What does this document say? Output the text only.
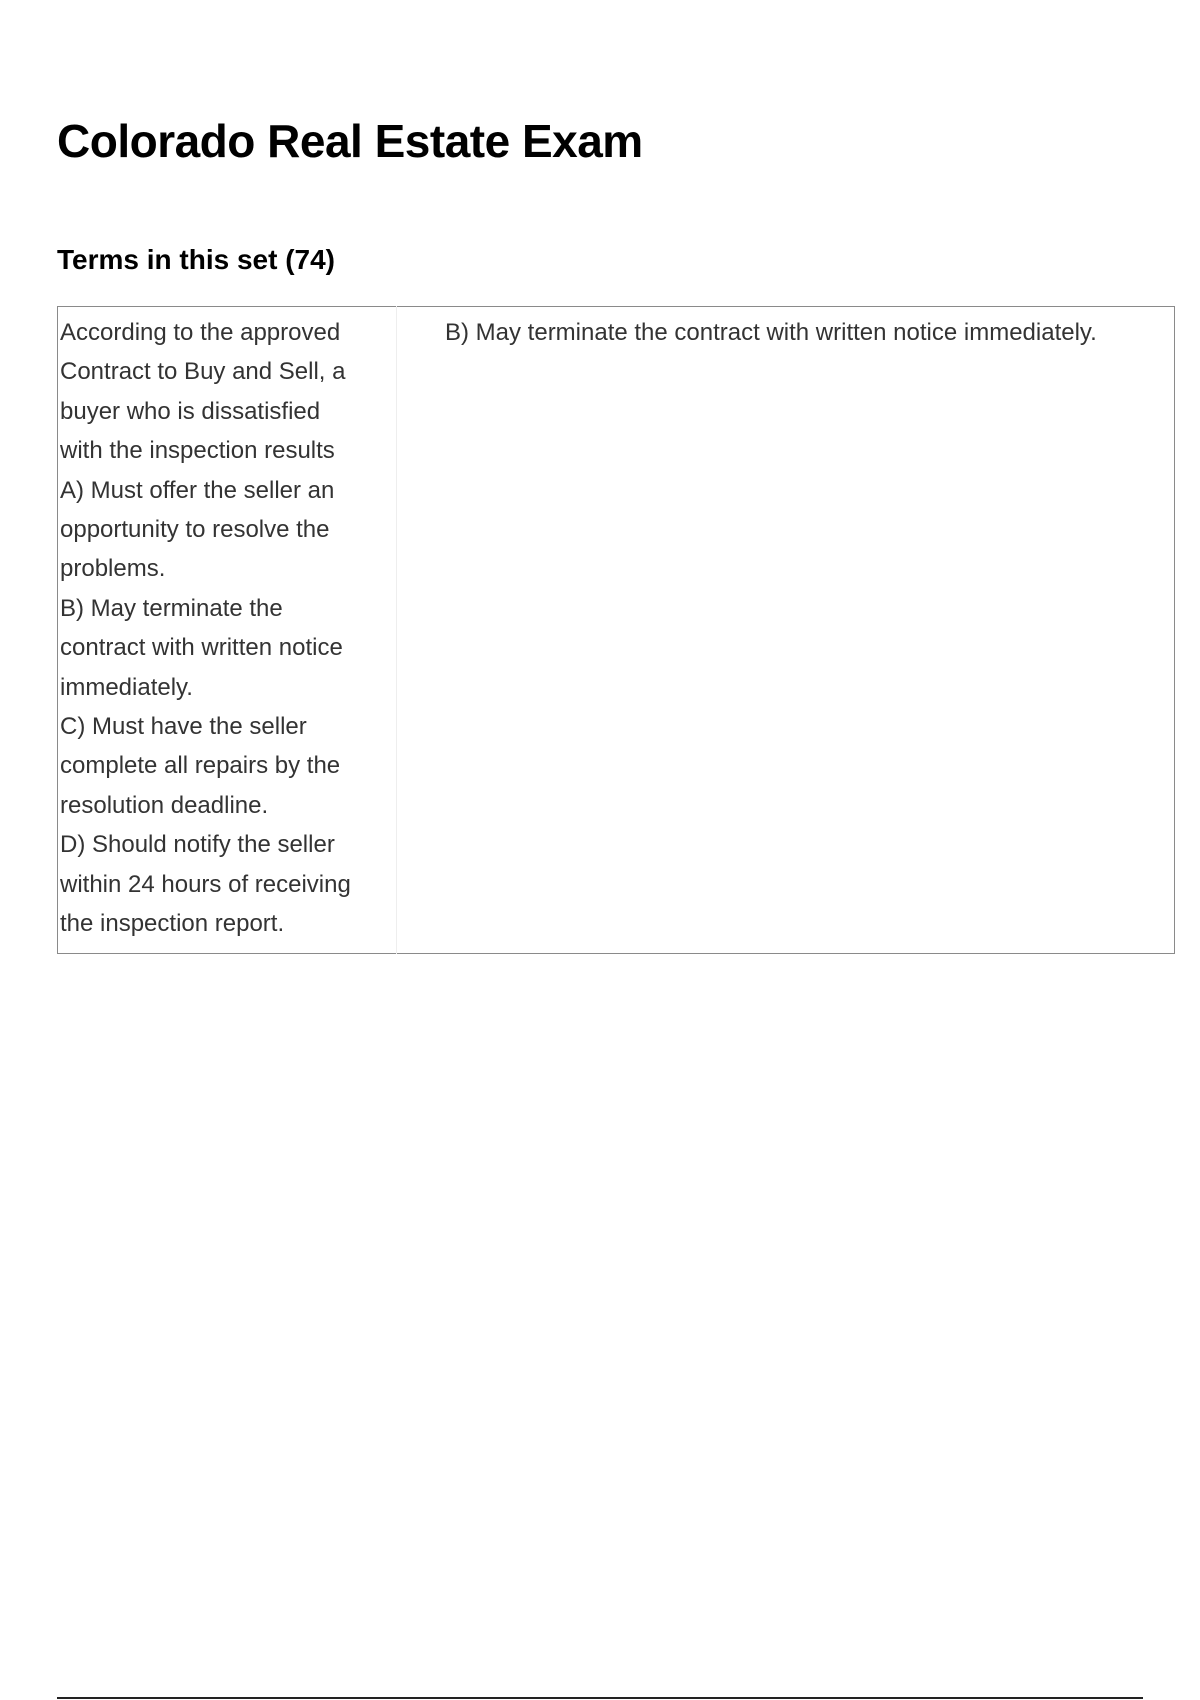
Colorado Real Estate Exam
Terms in this set (74)
According to the approved
Contract to Buy and Sell, a
buyer who is dissatisfied
with the inspection results
A) Must offer the seller an
opportunity to resolve the
problems.
B) May terminate the
contract with written notice
immediately.
C) Must have the seller
complete all repairs by the
resolution deadline.
D) Should notify the seller
within 24 hours of receiving
the inspection report.	B) May terminate the contract with written notice immediately.
